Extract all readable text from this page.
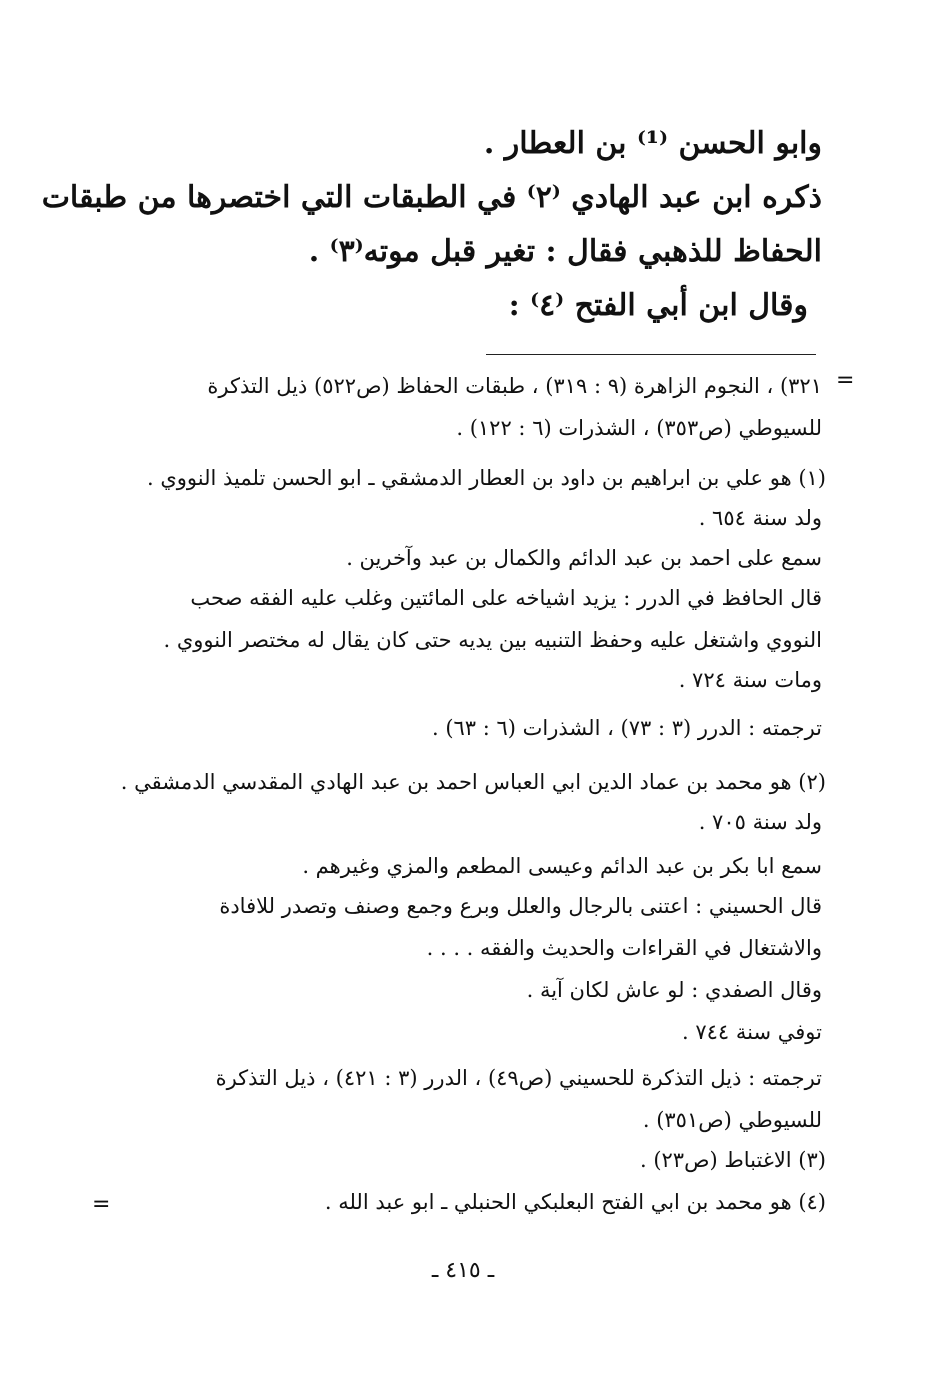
وابو الحسن ⁽¹⁾ بن العطار .
ذكره ابن عبد الهادي ⁽٢⁾ في الطبقات التي اختصرها من طبقات
الحفاظ للذهبي فقال : تغير قبل موته⁽٣⁾ .
وقال ابن أبي الفتح ⁽٤⁾ :
=
=
٣٢١) ، النجوم الزاهرة (٩ : ٣١٩) ، طبقات الحفاظ (ص٥٢٢) ذيل التذكرة
للسيوطي (ص٣٥٣) ، الشذرات (٦ : ١٢٢) .
(١) هو علي بن ابراهيم بن داود بن العطار الدمشقي ـ ابو الحسن تلميذ النووي .
ولد سنة ٦٥٤ .
سمع على احمد بن عبد الدائم والكمال بن عبد وآخرين .
قال الحافظ في الدرر : يزيد اشياخه على المائتين وغلب عليه الفقه صحب
النووي واشتغل عليه وحفظ التنبيه بين يديه حتى كان يقال له مختصر النووي .
ومات سنة ٧٢٤ .
ترجمته : الدرر (٣ : ٧٣) ، الشذرات (٦ : ٦٣) .
(٢) هو محمد بن عماد الدين ابي العباس احمد بن عبد الهادي المقدسي الدمشقي .
ولد سنة ٧٠٥ .
سمع ابا بكر بن عبد الدائم وعيسى المطعم والمزي وغيرهم .
قال الحسيني : اعتنى بالرجال والعلل وبرع وجمع وصنف وتصدر للافادة
والاشتغال في القراءات والحديث والفقه . . . .
وقال الصفدي : لو عاش لكان آية .
توفي سنة ٧٤٤ .
ترجمته : ذيل التذكرة للحسيني (ص٤٩) ، الدرر (٣ : ٤٢١) ، ذيل التذكرة
للسيوطي (ص٣٥١) .
(٣) الاغتباط (ص٢٣) .
(٤) هو محمد بن ابي الفتح البعلبكي الحنبلي ـ ابو عبد الله .
ـ ٤١٥ ـ
